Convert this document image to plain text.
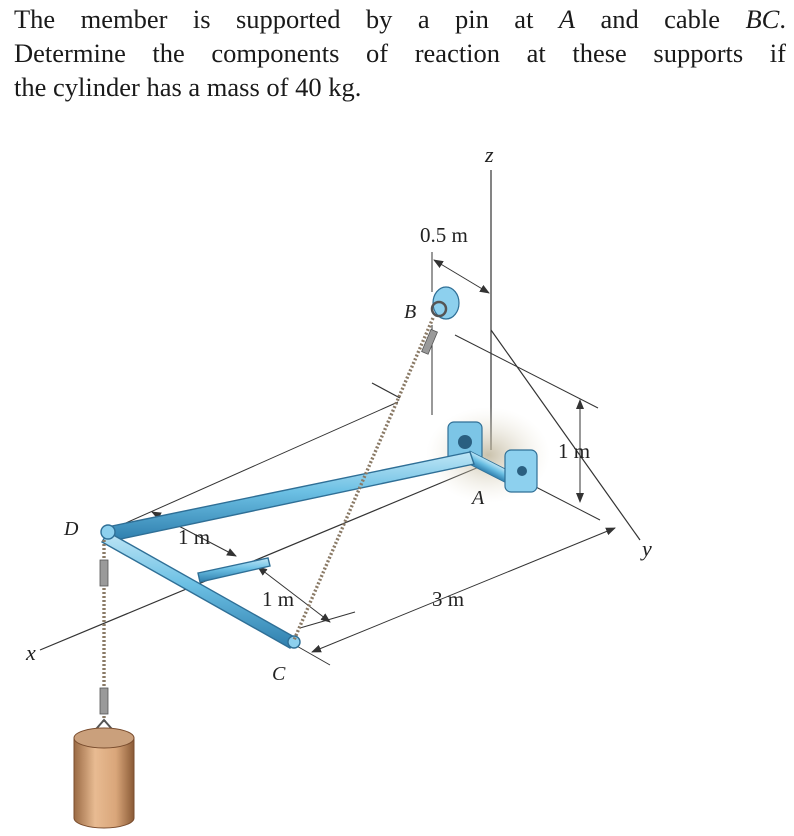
The member is supported by a pin at A and cable BC.
Determine the components of reaction at these supports if
the cylinder has a mass of 40 kg.
z
y
x
A
B
C
D
0.5 m
1 m
3 m
1 m
1 m
